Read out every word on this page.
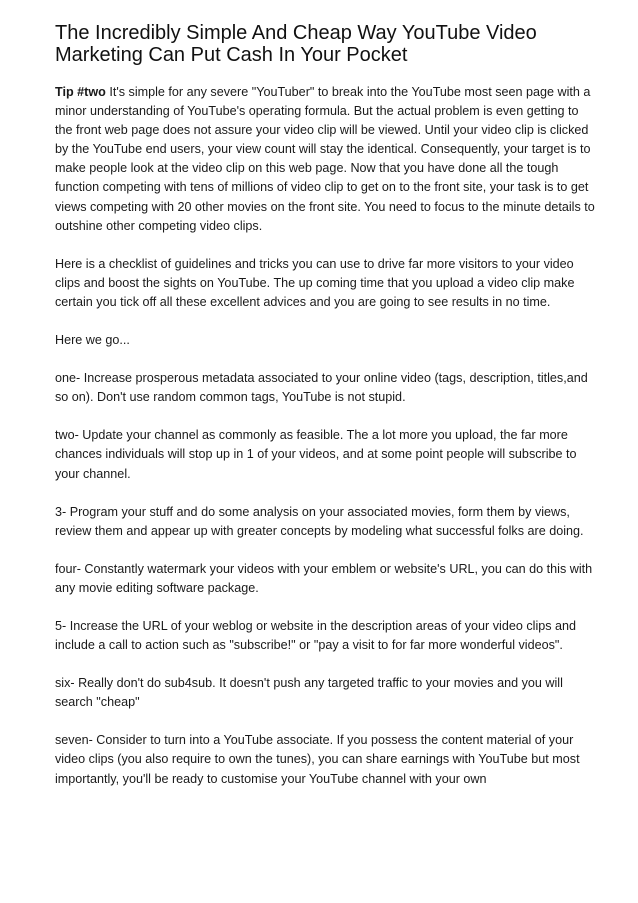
The Incredibly Simple And Cheap Way YouTube Video
Marketing Can Put Cash In Your Pocket

Tip #two It's simple for any severe "YouTuber" to break into the YouTube most seen page with a minor understanding of YouTube's operating formula. But the actual problem is even getting to the front web page does not assure your video clip will be viewed. Until your video clip is clicked by the YouTube end users, your view count will stay the identical. Consequently, your target is to make people look at the video clip on this web page. Now that you have done all the tough function competing with tens of millions of video clip to get on to the front site, your task is to get views competing with 20 other movies on the front site. You need to focus to the minute details to outshine other competing video clips.

Here is a checklist of guidelines and tricks you can use to drive far more visitors to your video clips and boost the sights on YouTube. The up coming time that you upload a video clip make certain you tick off all these excellent advices and you are going to see results in no time.

Here we go...

one- Increase prosperous metadata associated to your online video (tags, description, titles,and so on). Don't use random common tags, YouTube is not stupid.

two- Update your channel as commonly as feasible. The a lot more you upload, the far more chances individuals will stop up in 1 of your videos, and at some point people will subscribe to your channel.

3- Program your stuff and do some analysis on your associated movies, form them by views, review them and appear up with greater concepts by modeling what successful folks are doing.

four- Constantly watermark your videos with your emblem or website's URL, you can do this with any movie editing software package.

5- Increase the URL of your weblog or website in the description areas of your video clips and include a call to action such as "subscribe!" or "pay a visit to for far more wonderful videos".

six- Really don't do sub4sub. It doesn't push any targeted traffic to your movies and you will search "cheap"

seven- Consider to turn into a YouTube associate. If you possess the content material of your video clips (you also require to own the tunes), you can share earnings with YouTube but most importantly, you'll be ready to customise your YouTube channel with your own
